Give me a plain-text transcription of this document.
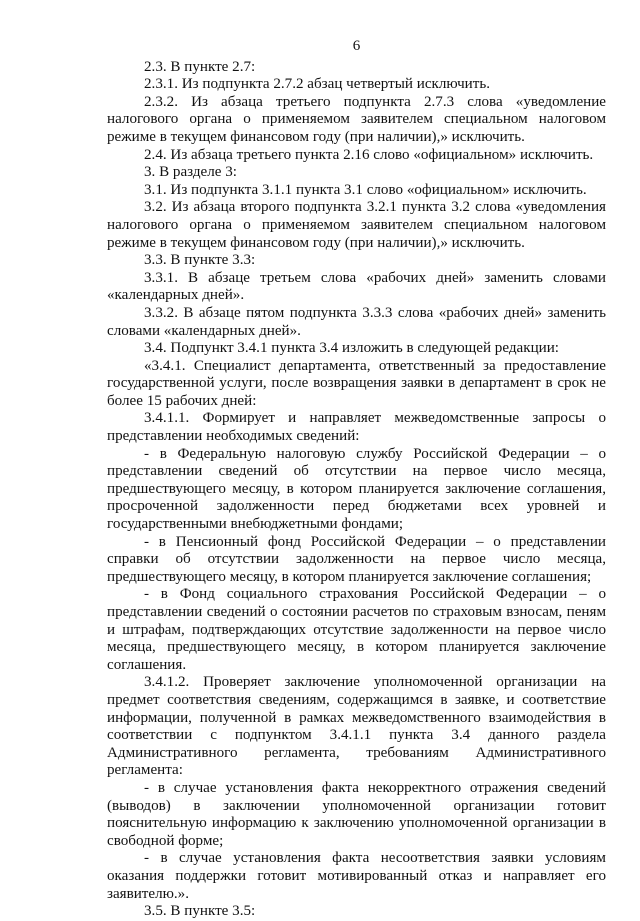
6

2.3. В пункте 2.7:

2.3.1. Из подпункта 2.7.2 абзац четвертый исключить.

2.3.2. Из абзаца третьего подпункта 2.7.3 слова «уведомление налогового органа о применяемом заявителем специальном налоговом режиме в текущем финансовом году (при наличии),» исключить.

2.4. Из абзаца третьего пункта 2.16 слово «официальном» исключить.

3. В разделе 3:

3.1. Из подпункта 3.1.1 пункта 3.1 слово «официальном» исключить.

3.2. Из абзаца второго подпункта 3.2.1 пункта 3.2 слова «уведомления налогового органа о применяемом заявителем специальном налоговом режиме в текущем финансовом году (при наличии),» исключить.

3.3. В пункте 3.3:

3.3.1. В абзаце третьем слова «рабочих дней» заменить словами «календарных дней».

3.3.2. В абзаце пятом подпункта 3.3.3 слова «рабочих дней» заменить словами «календарных дней».

3.4. Подпункт 3.4.1 пункта 3.4 изложить в следующей редакции:

«3.4.1. Специалист департамента, ответственный за предоставление государственной услуги, после возвращения заявки в департамент в срок не более 15 рабочих дней:

3.4.1.1. Формирует и направляет межведомственные запросы о представлении необходимых сведений:

- в Федеральную налоговую службу Российской Федерации – о представлении сведений об отсутствии на первое число месяца, предшествующего месяцу, в котором планируется заключение соглашения, просроченной задолженности перед бюджетами всех уровней и государственными внебюджетными фондами;

- в Пенсионный фонд Российской Федерации – о представлении справки об отсутствии задолженности на первое число месяца, предшествующего месяцу, в котором планируется заключение соглашения;

- в Фонд социального страхования Российской Федерации – о представлении сведений о состоянии расчетов по страховым взносам, пеням и штрафам, подтверждающих отсутствие задолженности на первое число месяца, предшествующего месяцу, в котором планируется заключение соглашения.

3.4.1.2. Проверяет заключение уполномоченной организации на предмет соответствия сведениям, содержащимся в заявке, и соответствие информации, полученной в рамках межведомственного взаимодействия в соответствии с подпунктом 3.4.1.1 пункта 3.4 данного раздела Административного регламента, требованиям Административного регламента:

- в случае установления факта некорректного отражения сведений (выводов) в заключении уполномоченной организации готовит пояснительную информацию к заключению уполномоченной организации в свободной форме;

- в случае установления факта несоответствия заявки условиям оказания поддержки готовит мотивированный отказ и направляет его заявителю.».

3.5. В пункте 3.5:
